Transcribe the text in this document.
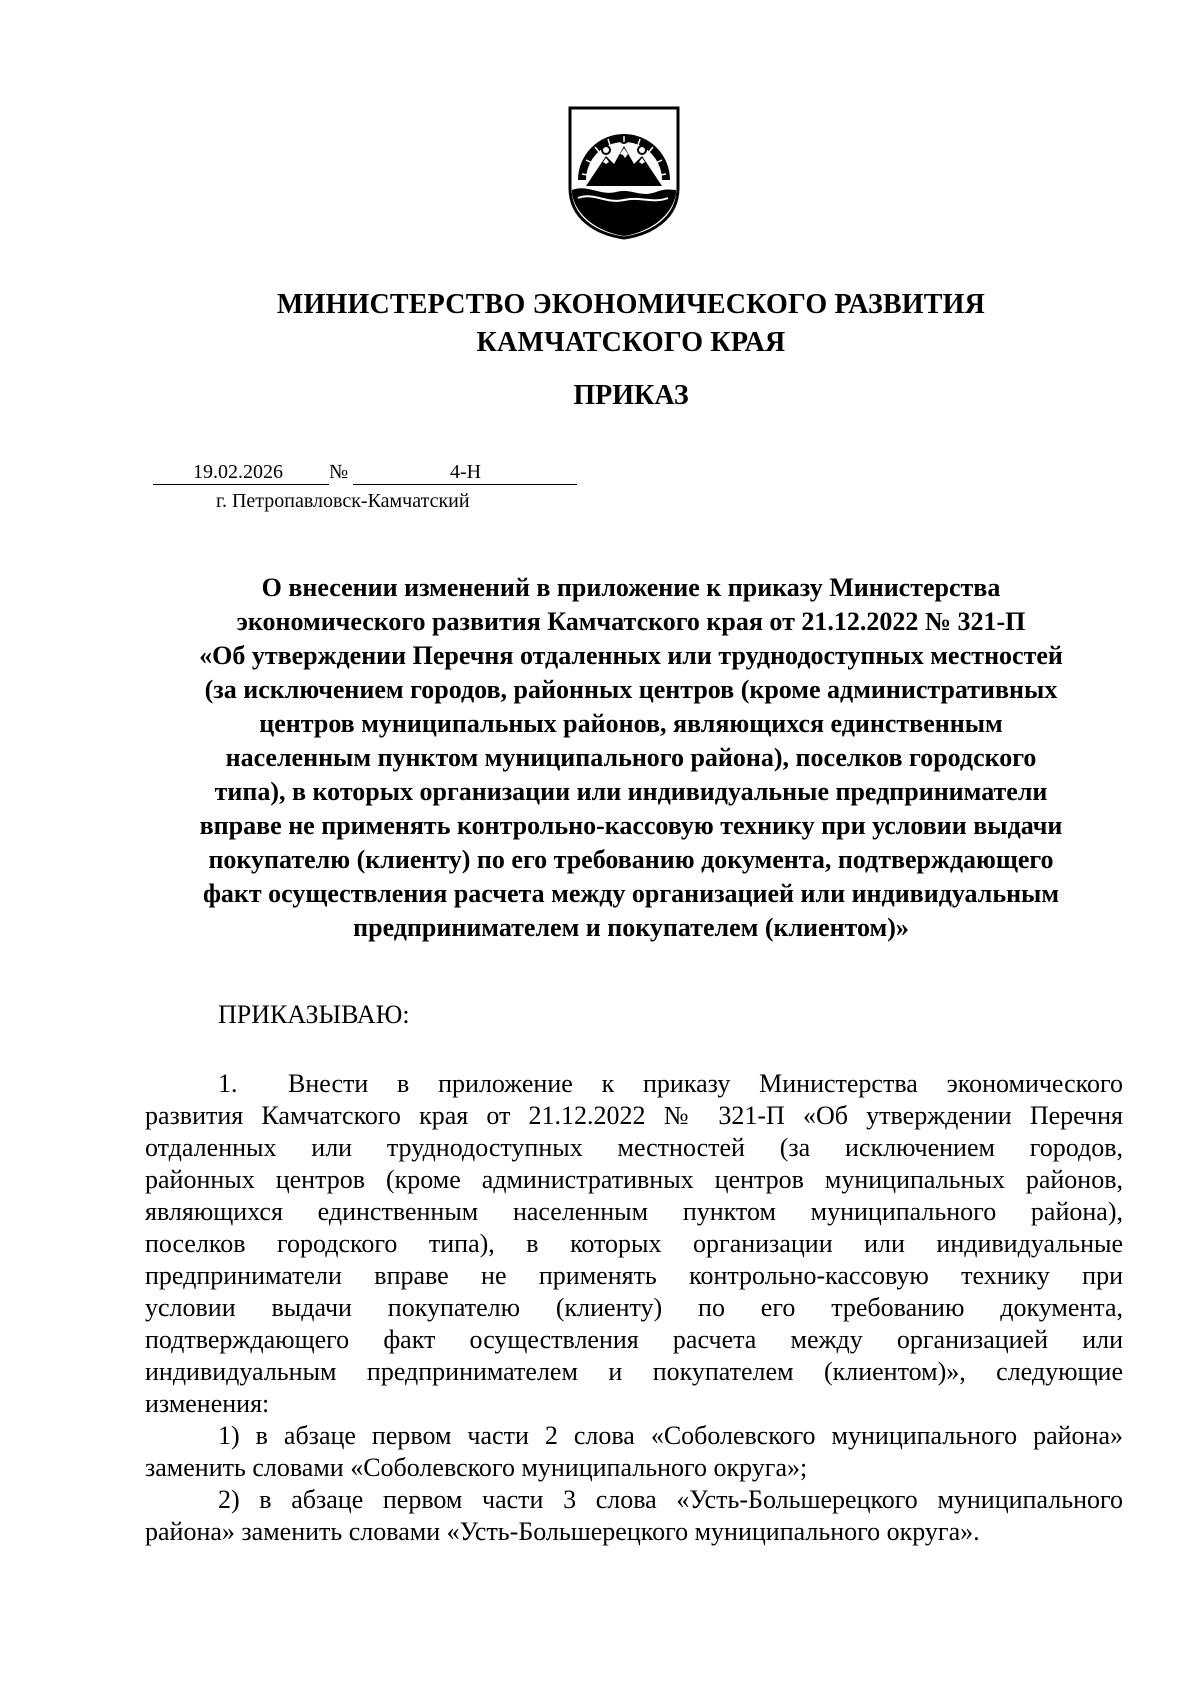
МИНИСТЕРСТВО ЭКОНОМИЧЕСКОГО РАЗВИТИЯ
КАМЧАТСКОГО КРАЯ
ПРИКАЗ
19.02.2026 №	4-Н
г. Петропавловск-Камчатский
О внесении изменений в приложение к приказу Министерства
экономического развития Камчатского края от 21.12.2022 № 321-П
«Об утверждении Перечня отдаленных или труднодоступных местностей
(за исключением городов, районных центров (кроме административных
центров муниципальных районов, являющихся единственным
населенным пунктом муниципального района), поселков городского
типа), в которых организации или индивидуальные предприниматели
вправе не применять контрольно-кассовую технику при условии выдачи
покупателю (клиенту) по его требованию документа, подтверждающего
факт осуществления расчета между организацией или индивидуальным
предпринимателем и покупателем (клиентом)»
ПРИКАЗЫВАЮ:
1. Внести в приложение к приказу Министерства экономического
развития Камчатского края от 21.12.2022 № 321-П «Об утверждении Перечня
отдаленных или труднодоступных местностей (за исключением городов,
районных центров (кроме административных центров муниципальных районов,
являющихся единственным населенным пунктом муниципального района),
поселков городского типа), в которых организации или индивидуальные
предприниматели вправе не применять контрольно-кассовую технику при
условии выдачи покупателю (клиенту) по его требованию документа,
подтверждающего факт осуществления расчета между организацией или
индивидуальным предпринимателем и покупателем (клиентом)», следующие
изменения:
1) в абзаце первом части 2 слова «Соболевского муниципального района»
заменить словами «Соболевского муниципального округа»;
2) в абзаце первом части 3 слова «Усть-Большерецкого муниципального
района» заменить словами «Усть-Большерецкого муниципального округа».
